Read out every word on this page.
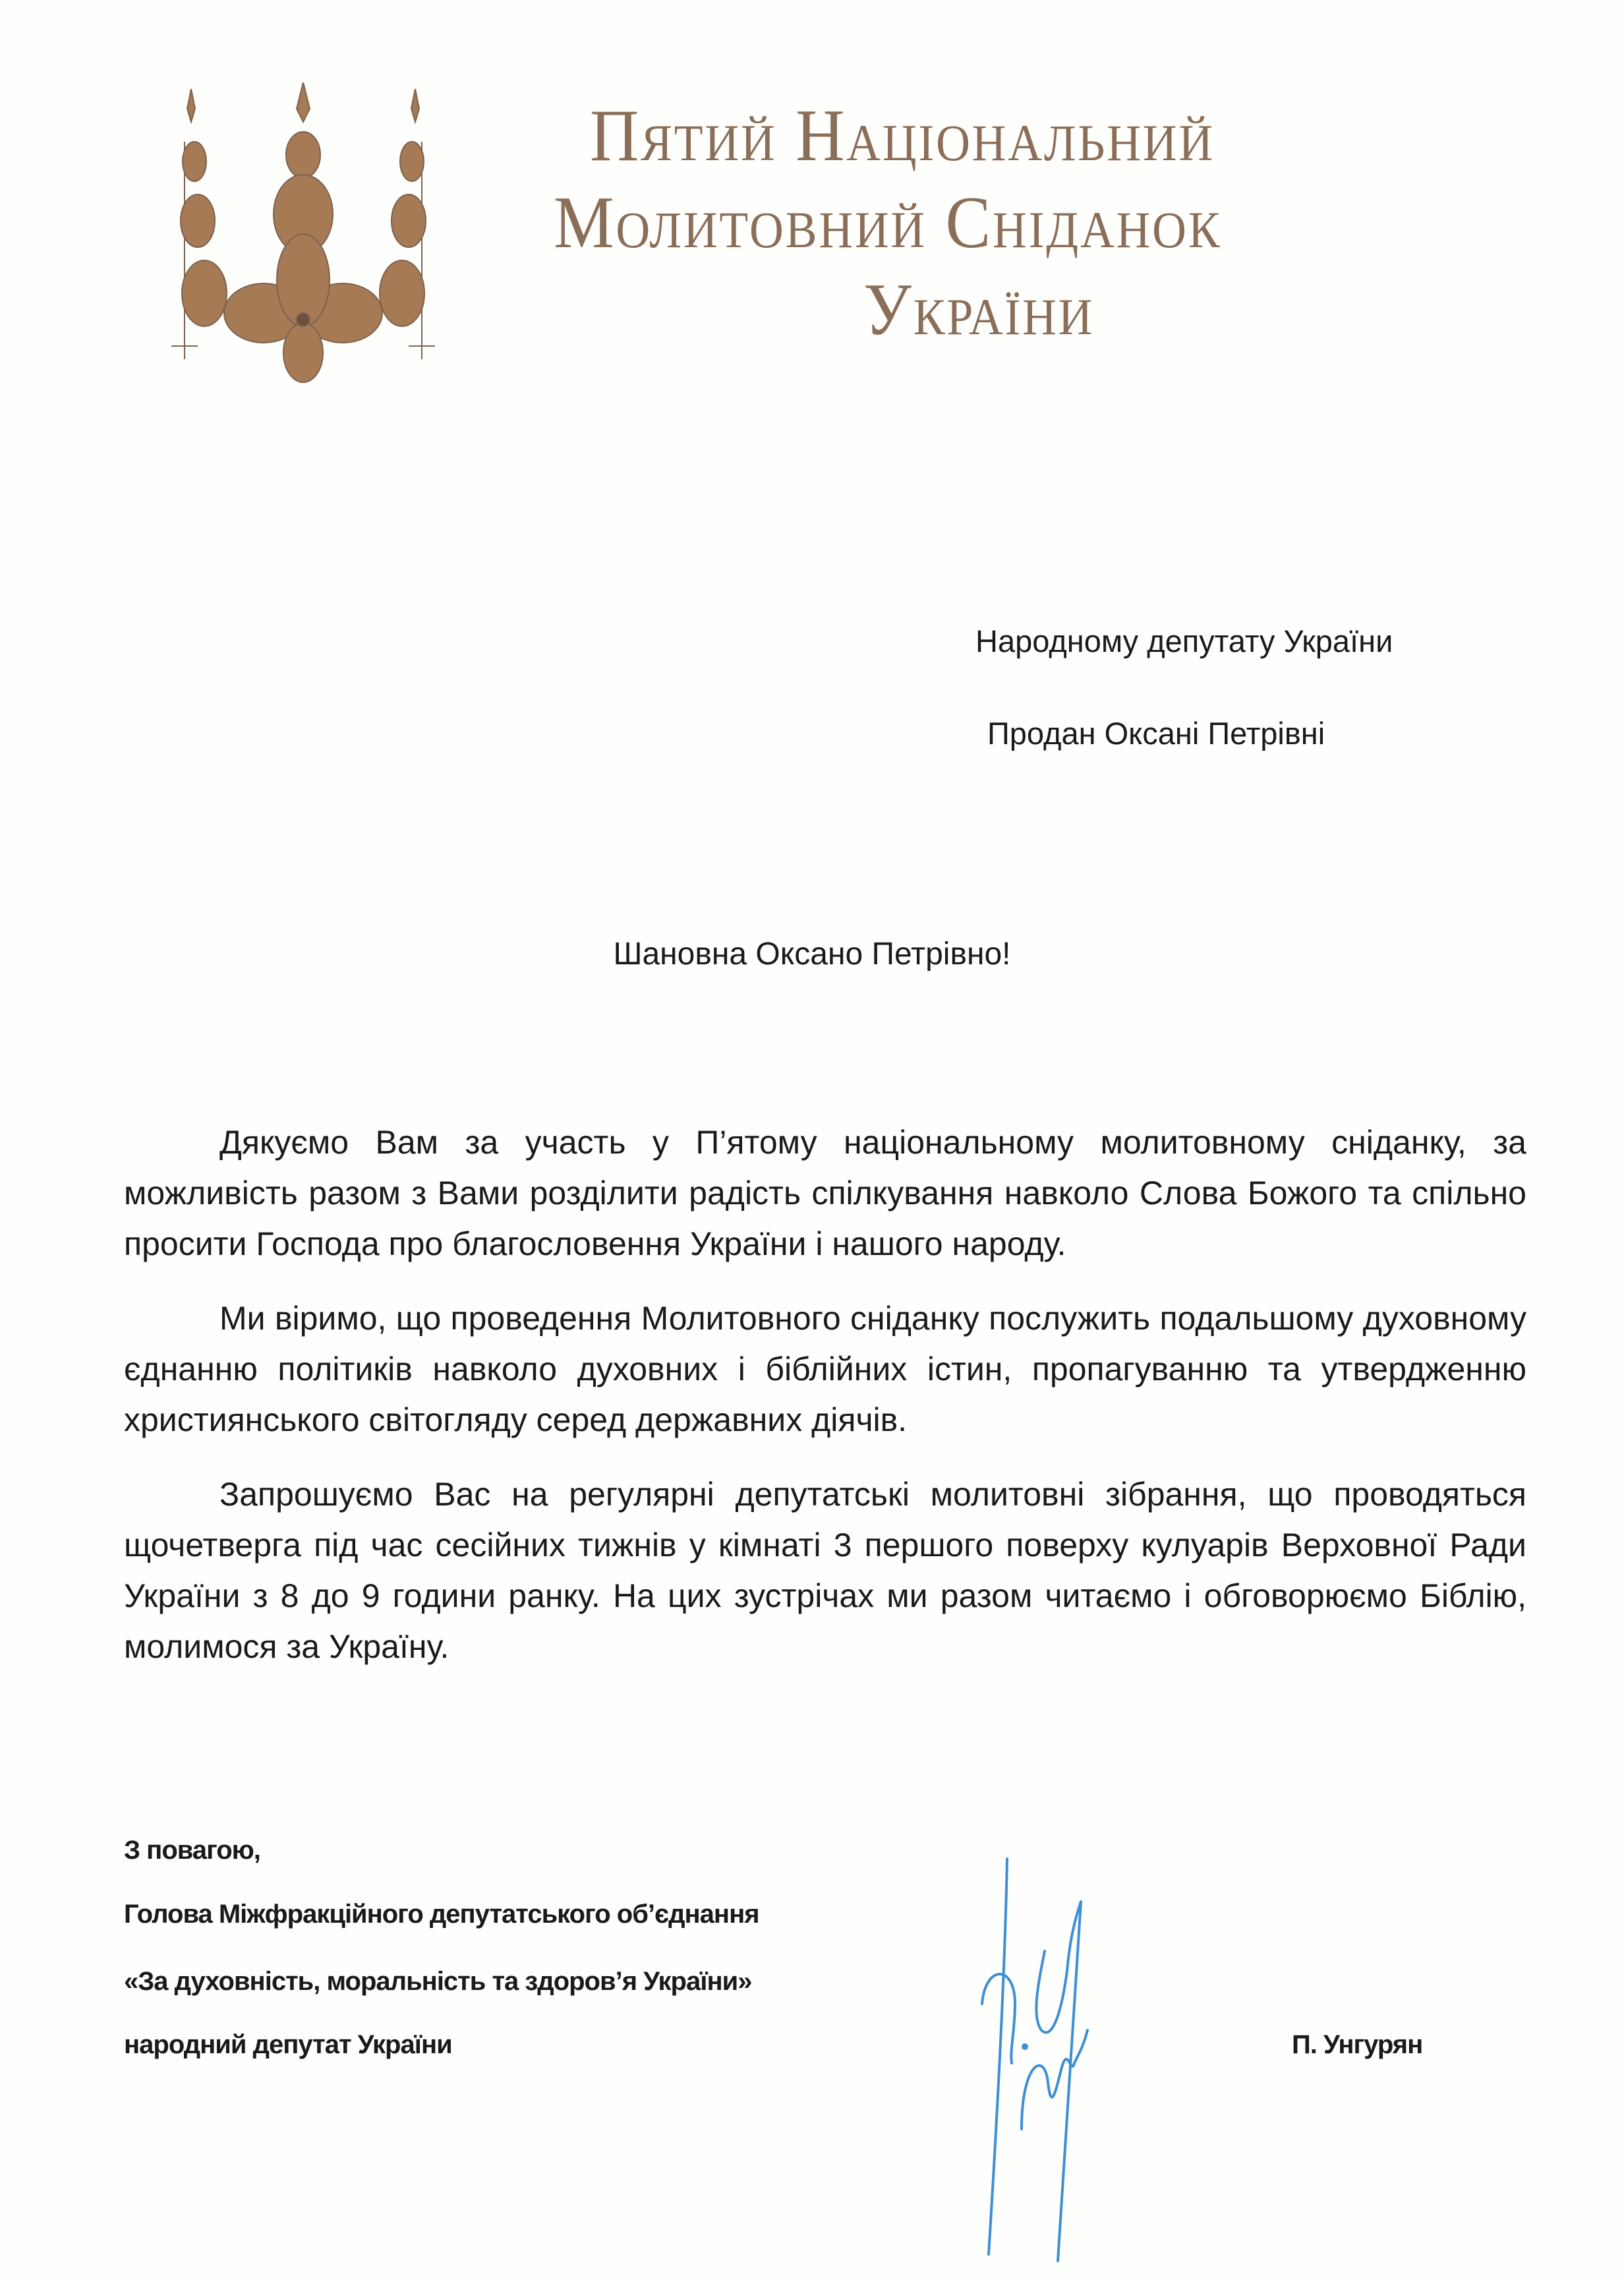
Пятий Національний
Молитовний Сніданок
України
Народному депутату України
Продан Оксані Петрівні
Шановна Оксано Петрівно!

Дякуємо Вам за участь у П’ятому національному молитовному сніданку, за можливість разом з Вами розділити радість спілкування навколо Слова Божого та спільно просити Господа про благословення України і нашого народу.

Ми віримо, що проведення Молитовного сніданку послужить подальшому духовному єднанню політиків навколо духовних і біблійних істин, пропагуванню та утвердженню християнського світогляду серед державних діячів.

Запрошуємо Вас на регулярні депутатські молитовні зібрання, що проводяться щочетверга під час сесійних тижнів у кімнаті 3 першого поверху кулуарів Верховної Ради України з 8 до 9 години ранку. На цих зустрічах ми разом читаємо і обговорюємо Біблію, молимося за Україну.

З повагою,
Голова Міжфракційного депутатського об’єднання
«За духовність, моральність та здоров’я України»
народний депутат України	П. Унгурян
